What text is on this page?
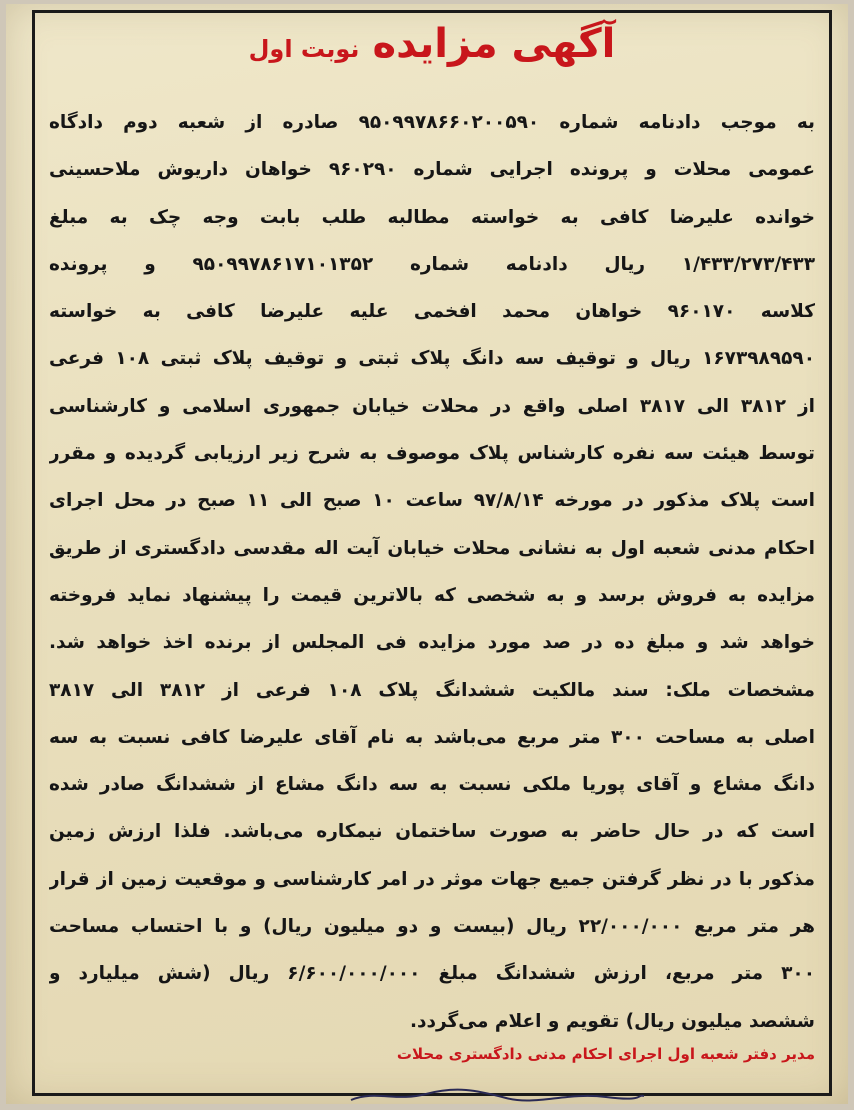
آگهی مزایده نوبت اول
به موجب دادنامه شماره ۹۵۰۹۹۷۸۶۶۰۲۰۰۵۹۰ صادره از شعبه دوم دادگاه
عمومی محلات و پرونده اجرایی شماره ۹۶۰۲۹۰ خواهان داریوش ملاحسینی
خوانده علیرضا کافی به خواسته مطالبه طلب بابت وجه چک به مبلغ
۱/۴۳۳/۲۷۳/۴۳۳ ریال دادنامه شماره ۹۵۰۹۹۷۸۶۱۷۱۰۱۳۵۲ و پرونده
کلاسه ۹۶۰۱۷۰ خواهان محمد افخمی علیه علیرضا کافی به خواسته
۱۶۷۳۹۸۹۵۹۰ ریال و توقیف سه دانگ پلاک ثبتی و توقیف پلاک ثبتی ۱۰۸ فرعی
از ۳۸۱۲ الی ۳۸۱۷ اصلی واقع در محلات خیابان جمهوری اسلامی و کارشناسی
توسط هیئت سه نفره کارشناس پلاک موصوف به شرح زیر ارزیابی گردیده و مقرر
است پلاک مذکور در مورخه ۹۷/۸/۱۴ ساعت ۱۰ صبح الی ۱۱ صبح در محل اجرای
احکام مدنی شعبه اول به نشانی محلات خیابان آیت اله مقدسی دادگستری از طریق
مزایده به فروش برسد و به شخصی که بالاترین قیمت را پیشنهاد نماید فروخته
خواهد شد و مبلغ ده در صد مورد مزایده فی المجلس از برنده اخذ خواهد شد.
مشخصات ملک: سند مالکیت ششدانگ پلاک ۱۰۸ فرعی از ۳۸۱۲ الی ۳۸۱۷
اصلی به مساحت ۳۰۰ متر مربع می‌باشد به نام آقای علیرضا کافی نسبت به سه
دانگ مشاع و آقای پوریا ملکی نسبت به سه دانگ مشاع از ششدانگ صادر شده
است که در حال حاضر به صورت ساختمان نیمکاره می‌باشد. فلذا ارزش زمین
مذکور با در نظر گرفتن جمیع جهات موثر در امر کارشناسی و موقعیت زمین از قرار
هر متر مربع ۲۲/۰۰۰/۰۰۰ ریال (بیست و دو میلیون ریال) و با احتساب مساحت
۳۰۰ متر مربع، ارزش ششدانگ مبلغ ۶/۶۰۰/۰۰۰/۰۰۰ ریال (شش میلیارد و
ششصد میلیون ریال) تقویم و اعلام می‌گردد.
مدیر دفتر شعبه اول اجرای احکام مدنی دادگستری محلات
